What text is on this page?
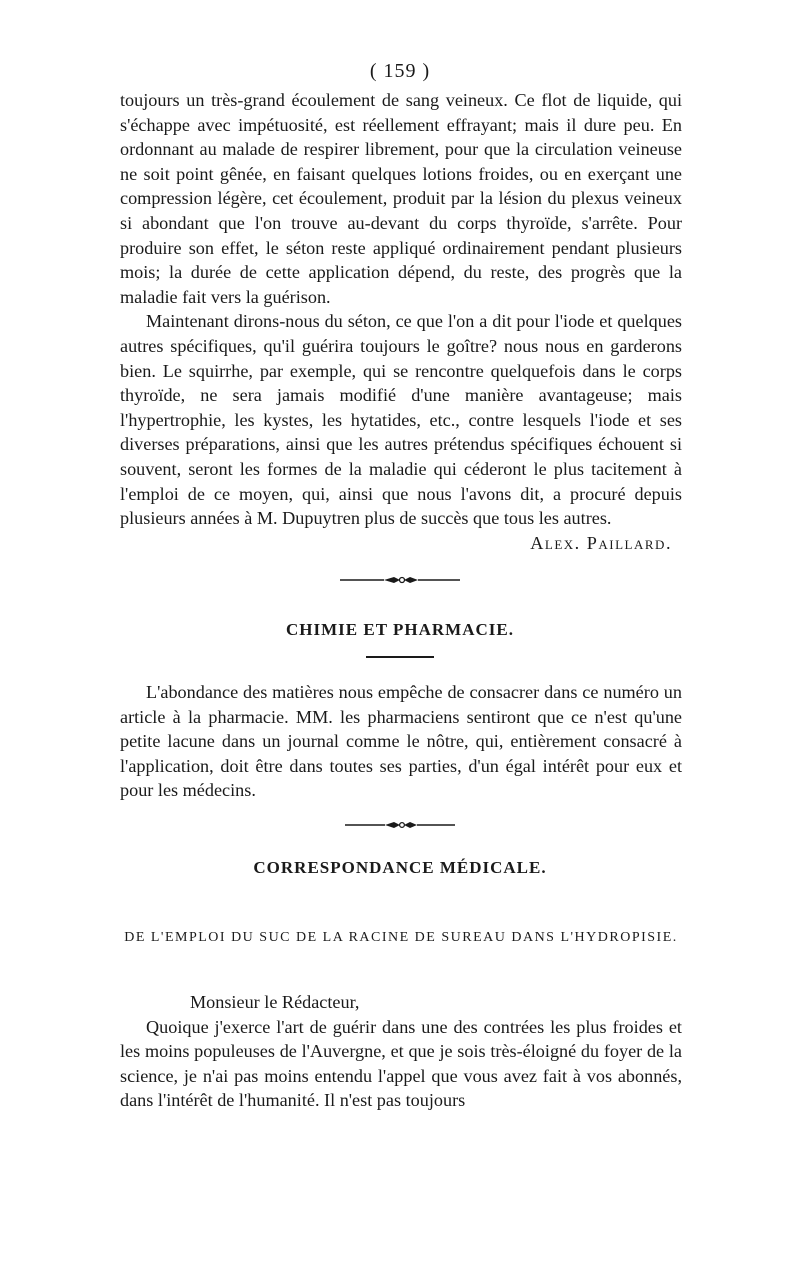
( 159 )

toujours un très-grand écoulement de sang veineux. Ce flot de liquide, qui s'échappe avec impétuosité, est réellement effrayant; mais il dure peu. En ordonnant au malade de respirer librement, pour que la circulation veineuse ne soit point gênée, en faisant quelques lotions froides, ou en exerçant une compression légère, cet écoulement, produit par la lésion du plexus veineux si abondant que l'on trouve au-devant du corps thyroïde, s'arrête. Pour produire son effet, le séton reste appliqué ordinairement pendant plusieurs mois; la durée de cette application dépend, du reste, des progrès que la maladie fait vers la guérison.

Maintenant dirons-nous du séton, ce que l'on a dit pour l'iode et quelques autres spécifiques, qu'il guérira toujours le goître? nous nous en garderons bien. Le squirrhe, par exemple, qui se rencontre quelquefois dans le corps thyroïde, ne sera jamais modifié d'une manière avantageuse; mais l'hypertrophie, les kystes, les hytatides, etc., contre lesquels l'iode et ses diverses préparations, ainsi que les autres prétendus spécifiques échouent si souvent, seront les formes de la maladie qui céderont le plus tacitement à l'emploi de ce moyen, qui, ainsi que nous l'avons dit, a procuré depuis plusieurs années à M. Dupuytren plus de succès que tous les autres.
Alex. Paillard.

CHIMIE ET PHARMACIE.

L'abondance des matières nous empêche de consacrer dans ce numéro un article à la pharmacie. MM. les pharmaciens sentiront que ce n'est qu'une petite lacune dans un journal comme le nôtre, qui, entièrement consacré à l'application, doit être dans toutes ses parties, d'un égal intérêt pour eux et pour les médecins.

CORRESPONDANCE MÉDICALE.
DE L'EMPLOI DU SUC DE LA RACINE DE SUREAU DANS L'HYDROPISIE.

Monsieur le Rédacteur,

Quoique j'exerce l'art de guérir dans une des contrées les plus froides et les moins populeuses de l'Auvergne, et que je sois très-éloigné du foyer de la science, je n'ai pas moins entendu l'appel que vous avez fait à vos abonnés, dans l'intérêt de l'humanité. Il n'est pas toujours
